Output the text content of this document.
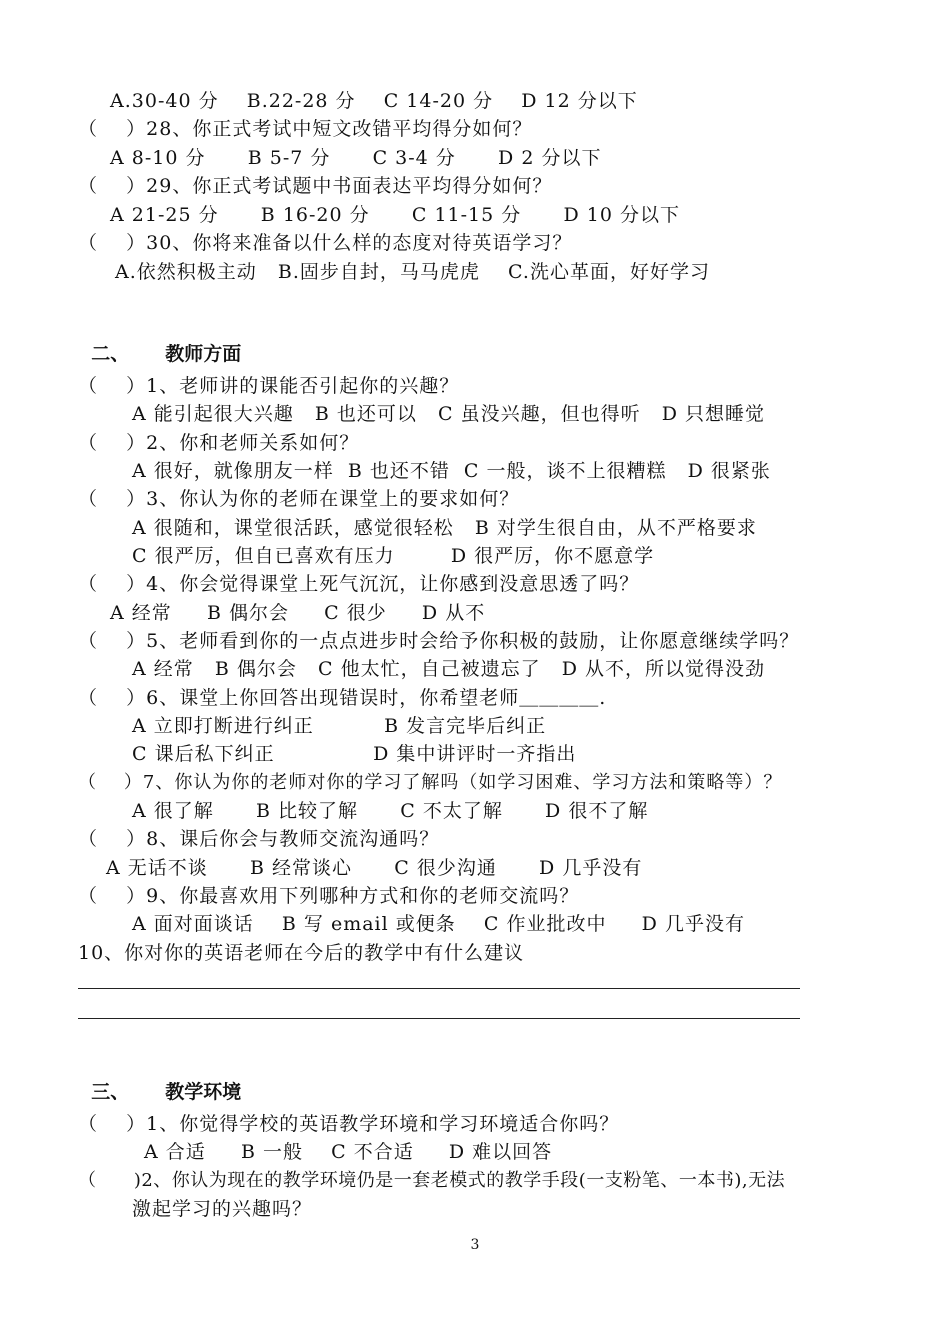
A.30-40 分    B.22-28 分    C 14-20 分    D 12 分以下
（    ）28、你正式考试中短文改错平均得分如何？
A 8-10 分      B 5-7 分      C 3-4 分      D 2 分以下
（    ）29、你正式考试题中书面表达平均得分如何？
A 21-25 分      B 16-20 分      C 11-15 分      D 10 分以下
（    ）30、你将来准备以什么样的态度对待英语学习？
A.依然积极主动   B.固步自封，马马虎虎    C.洗心革面，好好学习

二、 教师方面

（    ）1、老师讲的课能否引起你的兴趣？
A 能引起很大兴趣   B 也还可以   C 虽没兴趣，但也得听   D 只想睡觉
（    ）2、你和老师关系如何？
A 很好，就像朋友一样  B 也还不错  C 一般，谈不上很糟糕   D 很紧张
（    ）3、你认为你的老师在课堂上的要求如何？
A 很随和，课堂很活跃，感觉很轻松   B 对学生很自由，从不严格要求
C 很严厉，但自已喜欢有压力        D 很严厉，你不愿意学
（    ）4、你会觉得课堂上死气沉沉，让你感到没意思透了吗？
A 经常     B 偶尔会     C 很少     D 从不
（    ）5、老师看到你的一点点进步时会给予你积极的鼓励，让你愿意继续学吗？
A 经常   B 偶尔会   C 他太忙，自己被遗忘了   D 从不，所以觉得没劲
（    ）6、课堂上你回答出现错误时，你希望老师＿＿＿＿.
A 立即打断进行纠正          B 发言完毕后纠正
C 课后私下纠正              D 集中讲评时一齐指出
（    ）7、你认为你的老师对你的学习了解吗（如学习困难、学习方法和策略等）？
A 很了解      B 比较了解      C 不太了解      D 很不了解
（    ）8、课后你会与教师交流沟通吗？
A 无话不谈      B 经常谈心      C 很少沟通      D 几乎没有
（    ）9、你最喜欢用下列哪种方式和你的老师交流吗？
A 面对面谈话    B 写 email 或便条    C 作业批改中     D 几乎没有
10、你对你的英语老师在今后的教学中有什么建议

三、 教学环境

（    ）1、你觉得学校的英语教学环境和学习环境适合你吗？
A 合适     B 一般    C 不合适     D 难以回答
（      )2、你认为现在的教学环境仍是一套老模式的教学手段(一支粉笔、一本书),无法
激起学习的兴趣吗？
3
